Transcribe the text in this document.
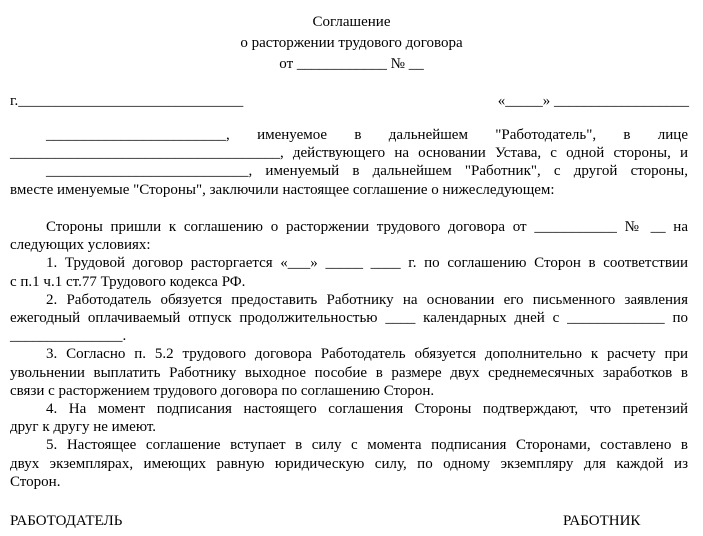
Соглашение
о расторжении трудового договора
от ____________ № __
г.______________________________	«_____» __________________
________________________, именуемое в дальнейшем "Работодатель", в лице
____________________________________, действующего на основании Устава, с одной стороны, и
___________________________, именуемый в дальнейшем "Работник", с другой стороны,
вместе именуемые "Стороны", заключили настоящее соглашение о нижеследующем:
Стороны пришли к соглашению о расторжении трудового договора от ___________ № __ на
следующих условиях:
1. Трудовой договор расторгается «___» _____ ____ г. по соглашению Сторон в соответствии
с п.1 ч.1 ст.77 Трудового кодекса РФ.
2. Работодатель обязуется предоставить Работнику на основании его письменного заявления
ежегодный оплачиваемый отпуск продолжительностью ____ календарных дней с _____________ по
_______________.
3. Согласно п. 5.2 трудового договора Работодатель обязуется дополнительно к расчету при
увольнении выплатить Работнику выходное пособие в размере двух среднемесячных заработков в
связи с расторжением трудового договора по соглашению Сторон.
4. На момент подписания настоящего соглашения Стороны подтверждают, что претензий
друг к другу не имеют.
5. Настоящее соглашение вступает в силу с момента подписания Сторонами, составлено в
двух экземплярах, имеющих равную юридическую силу, по одному экземпляру для каждой из
Сторон.
РАБОТОДАТЕЛЬ	РАБОТНИК
